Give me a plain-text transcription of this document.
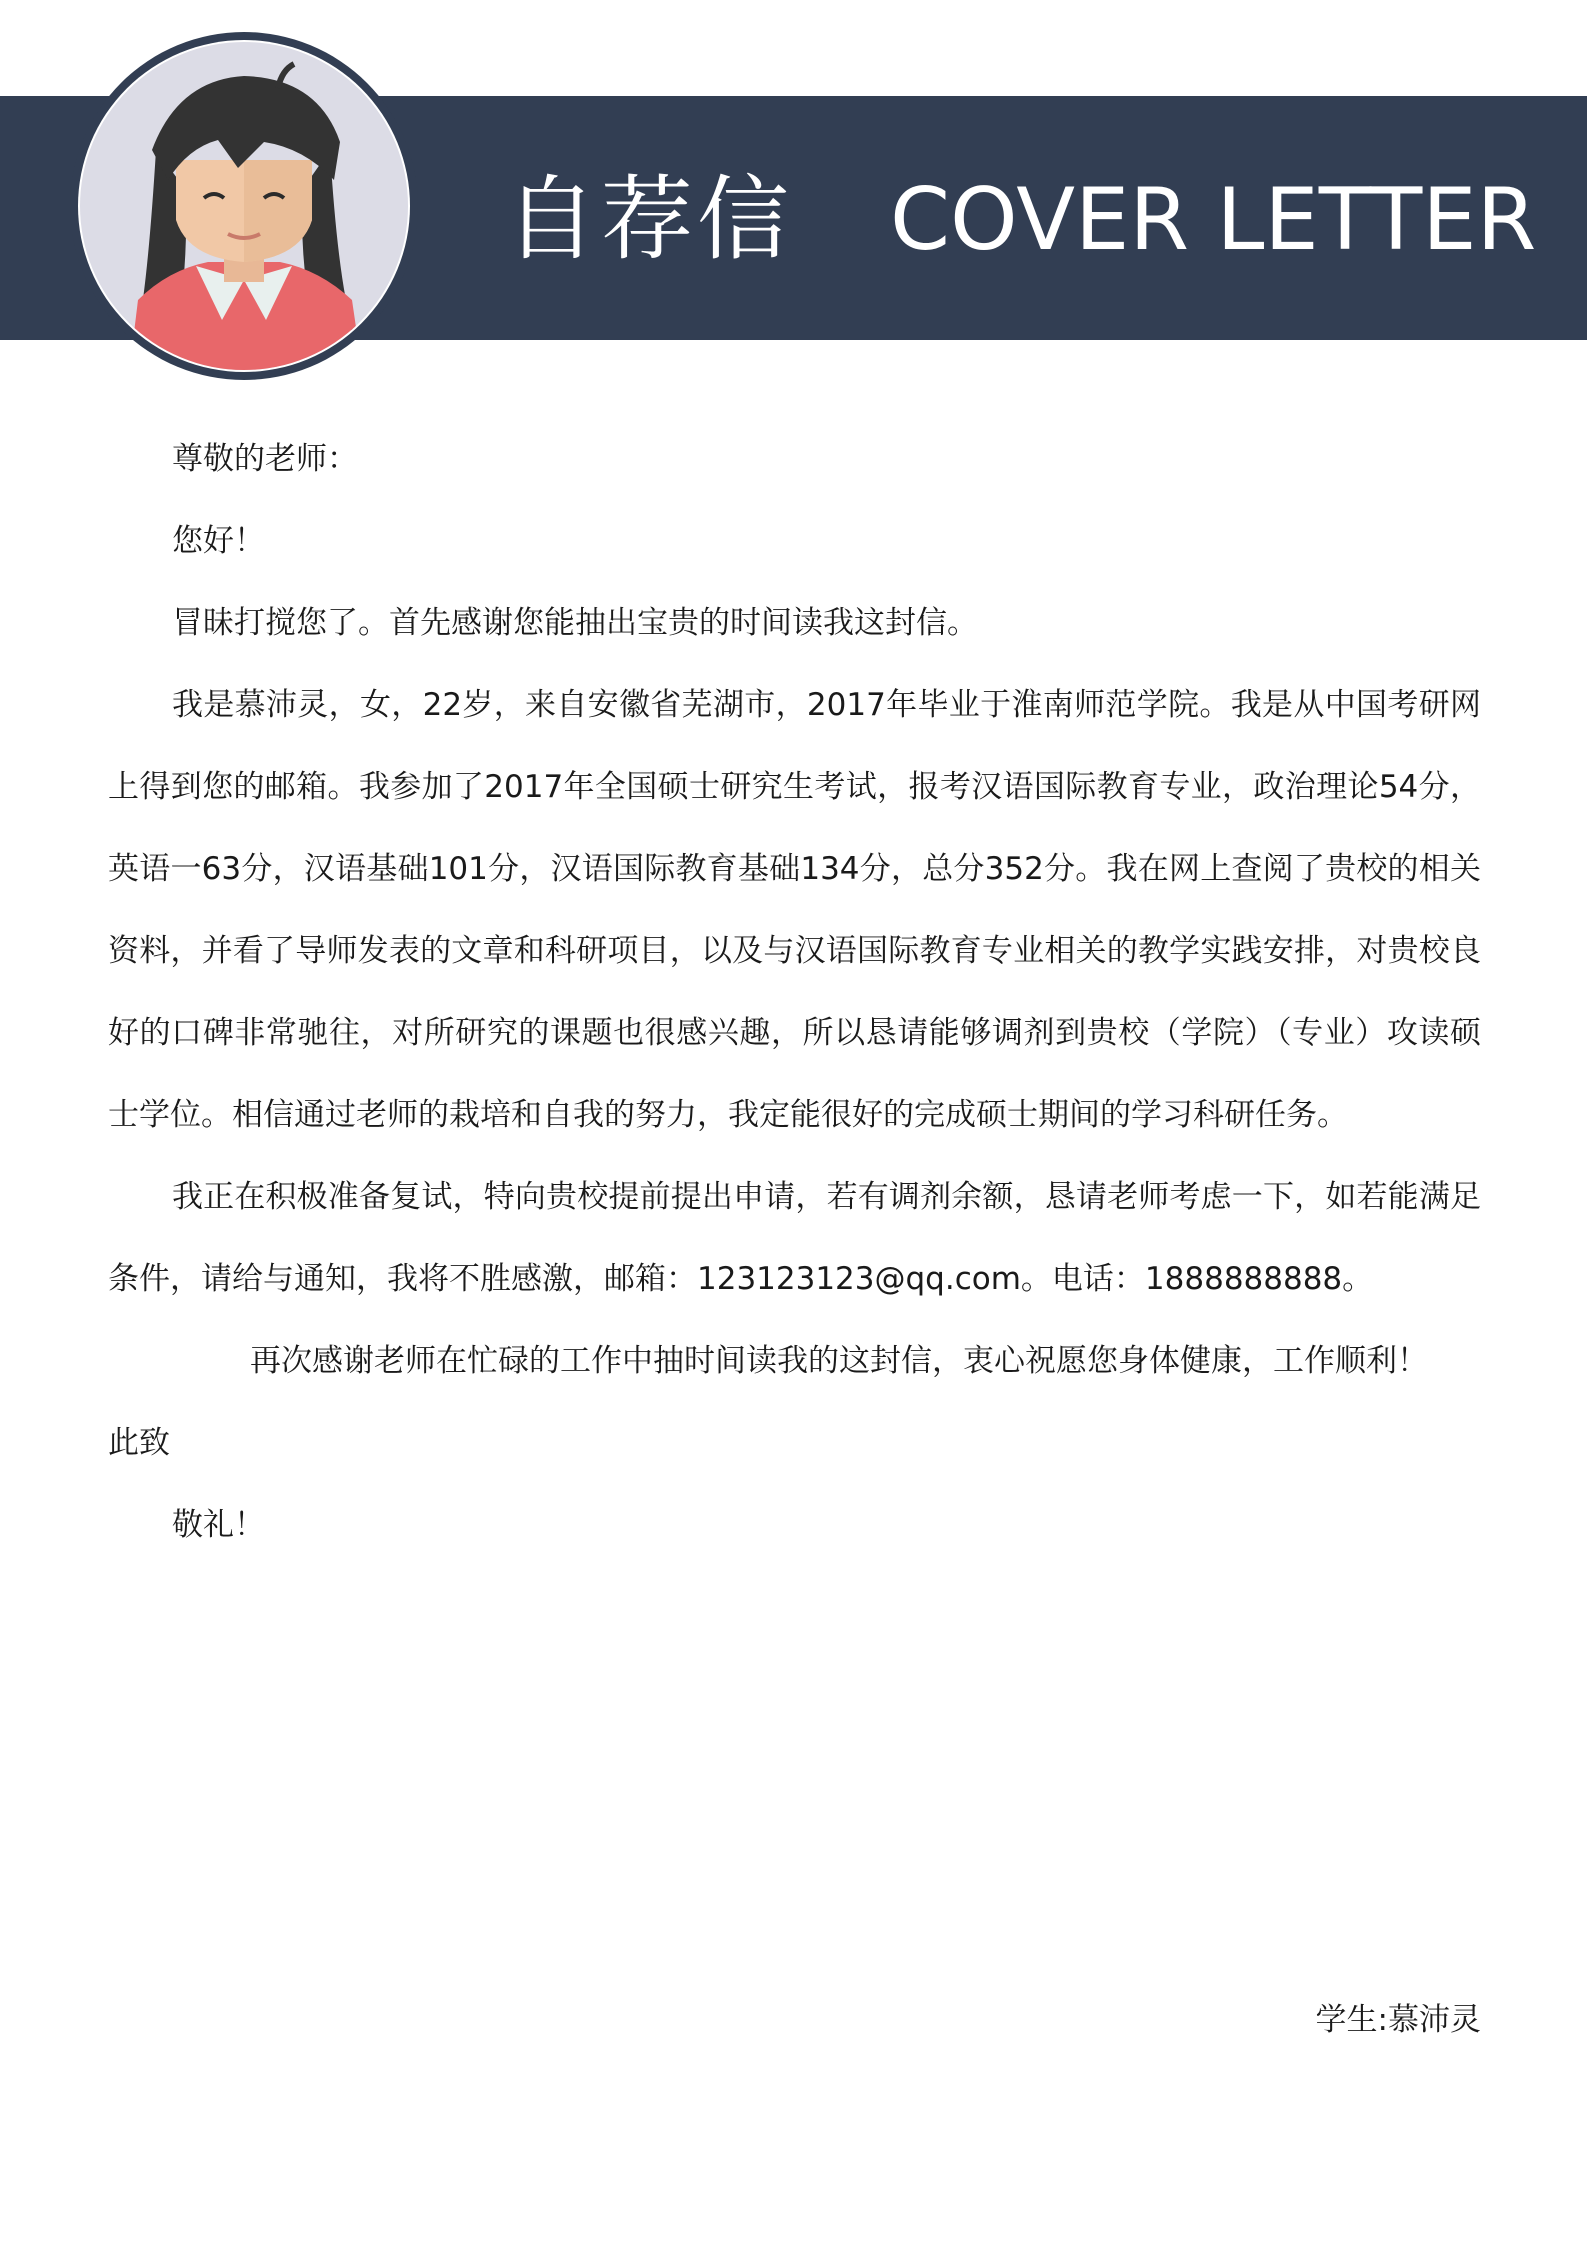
自荐信 COVER LETTER

尊敬的老师：

您好！

冒昧打搅您了。首先感谢您能抽出宝贵的时间读我这封信。

我是慕沛灵，女，22岁，来自安徽省芜湖市，2017年毕业于淮南师范学院。我是从中国考研网上得到您的邮箱。我参加了2017年全国硕士研究生考试，报考汉语国际教育专业，政治理论54分，英语一63分，汉语基础101分，汉语国际教育基础134分，总分352分。我在网上查阅了贵校的相关资料，并看了导师发表的文章和科研项目，以及与汉语国际教育专业相关的教学实践安排，对贵校良好的口碑非常驰往，对所研究的课题也很感兴趣，所以恳请能够调剂到贵校（学院）（专业）攻读硕士学位。相信通过老师的栽培和自我的努力，我定能很好的完成硕士期间的学习科研任务。

我正在积极准备复试，特向贵校提前提出申请，若有调剂余额，恳请老师考虑一下，如若能满足条件，请给与通知，我将不胜感激，邮箱：123123123@qq.com。电话：1888888888。

再次感谢老师在忙碌的工作中抽时间读我的这封信，衷心祝愿您身体健康，工作顺利！

此致

敬礼！

学生:慕沛灵
